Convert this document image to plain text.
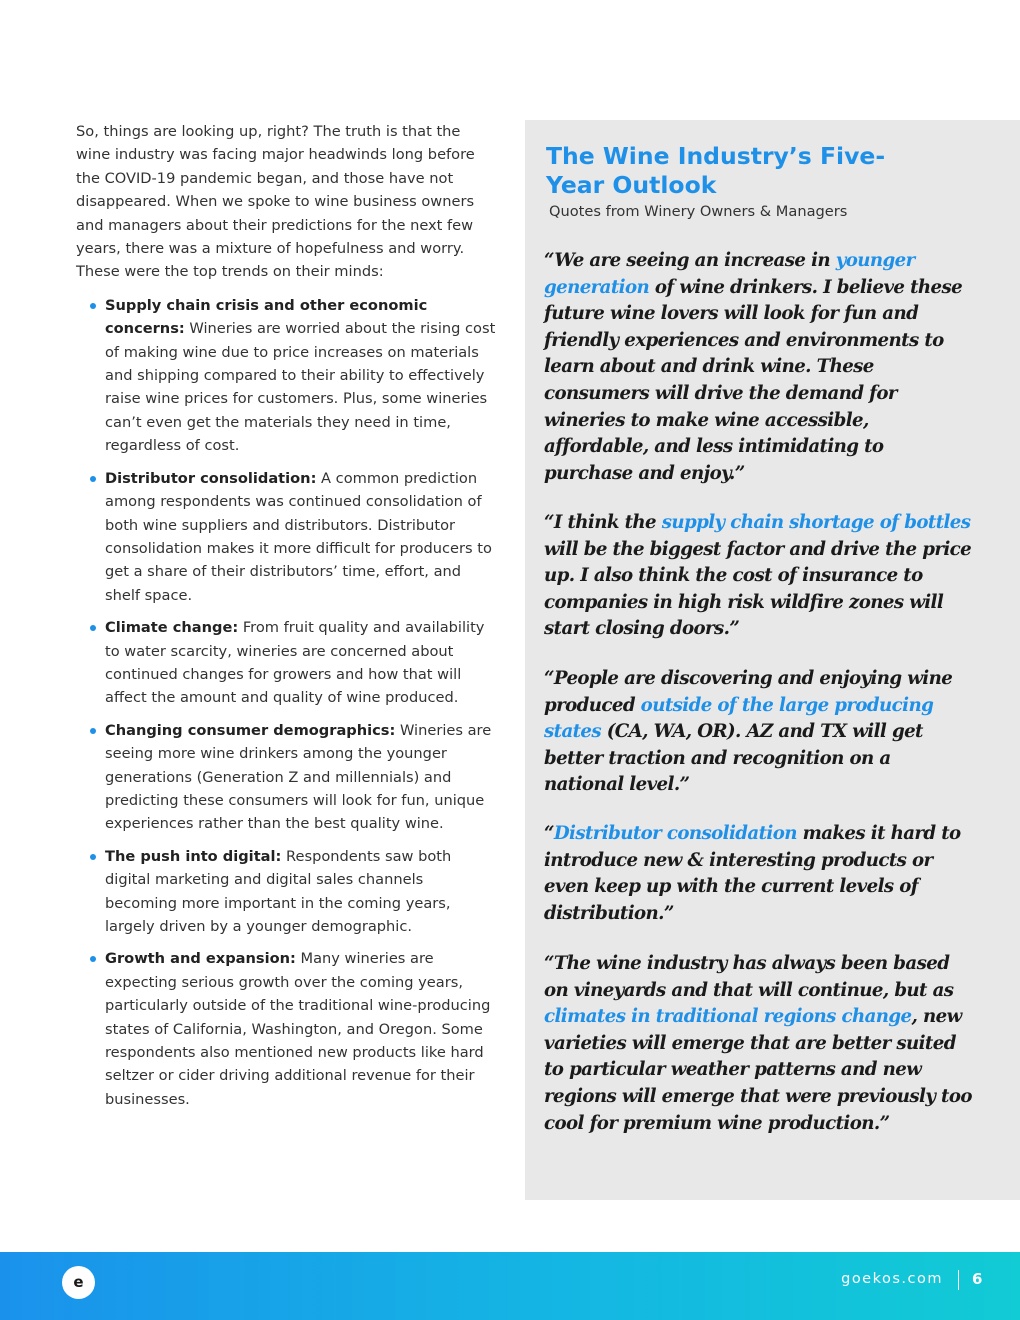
So, things are looking up, right? The truth is that the wine industry was facing major headwinds long before the COVID-19 pandemic began, and those have not disappeared. When we spoke to wine business owners and managers about their predictions for the next few years, there was a mixture of hopefulness and worry. These were the top trends on their minds:

Supply chain crisis and other economic concerns: Wineries are worried about the rising cost of making wine due to price increases on materials and shipping compared to their ability to effectively raise wine prices for customers. Plus, some wineries can’t even get the materials they need in time, regardless of cost.
Distributor consolidation: A common prediction among respondents was continued consolidation of both wine suppliers and distributors. Distributor consolidation makes it more difficult for producers to get a share of their distributors’ time, effort, and shelf space.
Climate change: From fruit quality and availability to water scarcity, wineries are concerned about continued changes for growers and how that will affect the amount and quality of wine produced.
Changing consumer demographics: Wineries are seeing more wine drinkers among the younger generations (Generation Z and millennials) and predicting these consumers will look for fun, unique experiences rather than the best quality wine.
The push into digital: Respondents saw both digital marketing and digital sales channels becoming more important in the coming years, largely driven by a younger demographic.
Growth and expansion: Many wineries are expecting serious growth over the coming years, particularly outside of the traditional wine-producing states of California, Washington, and Oregon. Some respondents also mentioned new products like hard seltzer or cider driving additional revenue for their businesses.
The Wine Industry’s Five-Year Outlook

Quotes from Winery Owners & Managers

“We are seeing an increase in younger generation of wine drinkers. I believe these future wine lovers will look for fun and friendly experiences and environments to learn about and drink wine. These consumers will drive the demand for wineries to make wine accessible, affordable, and less intimidating to purchase and enjoy.”

“I think the supply chain shortage of bottles will be the biggest factor and drive the price up. I also think the cost of insurance to companies in high risk wildfire zones will start closing doors.”

“People are discovering and enjoying wine produced outside of the large producing states (CA, WA, OR). AZ and TX will get better traction and recognition on a national level.”

“Distributor consolidation makes it hard to introduce new & interesting products or even keep up with the current levels of distribution.”

“The wine industry has always been based on vineyards and that will continue, but as climates in traditional regions change, new varieties will emerge that are better suited to particular weather patterns and new regions will emerge that were previously too cool for premium wine production.”

e	goekos.com 6
